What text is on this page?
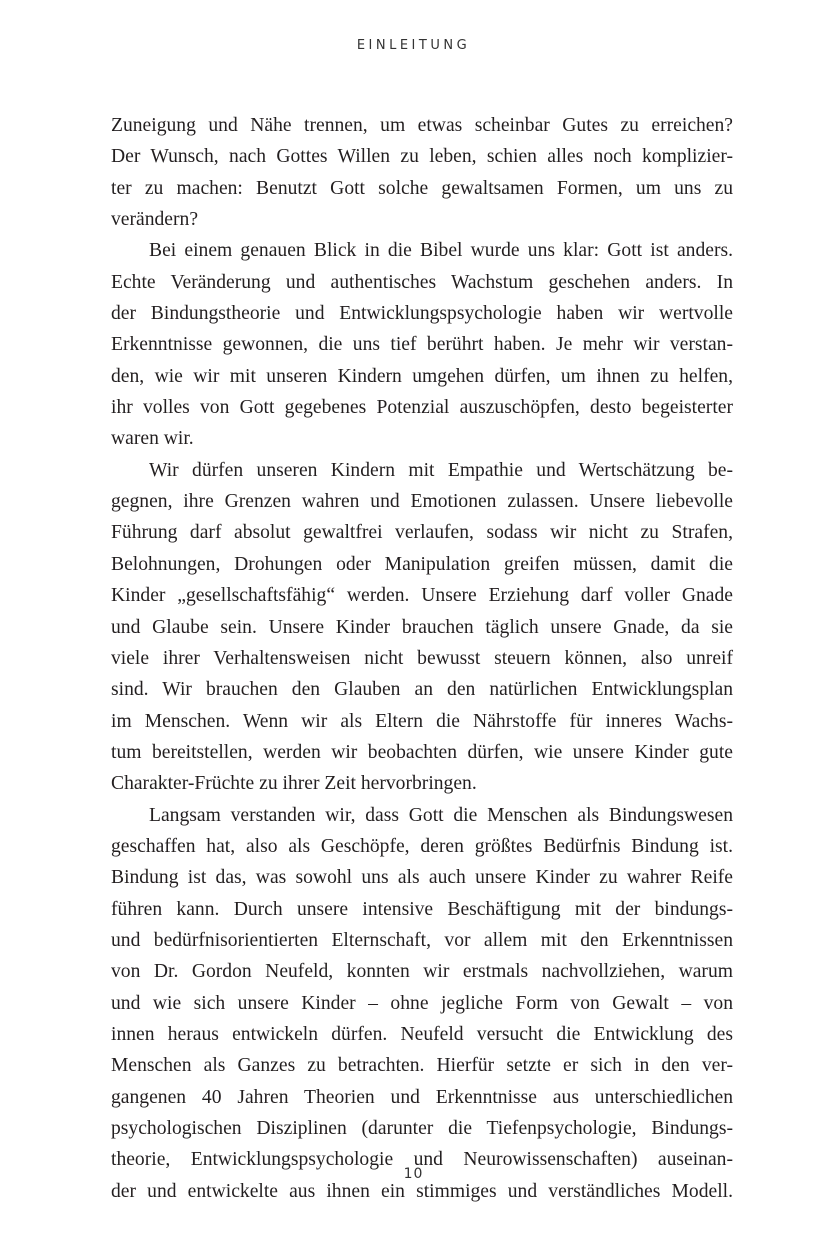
EINLEITUNG

Zuneigung und Nähe trennen, um etwas scheinbar Gutes zu erreichen?
Der Wunsch, nach Gottes Willen zu leben, schien alles noch komplizier-
ter zu machen: Benutzt Gott solche gewaltsamen Formen, um uns zu
verändern?

Bei einem genauen Blick in die Bibel wurde uns klar: Gott ist anders.
Echte Veränderung und authentisches Wachstum geschehen anders. In
der Bindungstheorie und Entwicklungspsychologie haben wir wertvolle
Erkenntnisse gewonnen, die uns tief berührt haben. Je mehr wir verstan-
den, wie wir mit unseren Kindern umgehen dürfen, um ihnen zu helfen,
ihr volles von Gott gegebenes Potenzial auszuschöpfen, desto begeisterter
waren wir.

Wir dürfen unseren Kindern mit Empathie und Wertschätzung be-
gegnen, ihre Grenzen wahren und Emotionen zulassen. Unsere liebevolle
Führung darf absolut gewaltfrei verlaufen, sodass wir nicht zu Strafen,
Belohnungen, Drohungen oder Manipulation greifen müssen, damit die
Kinder „gesellschaftsfähig“ werden. Unsere Erziehung darf voller Gnade
und Glaube sein. Unsere Kinder brauchen täglich unsere Gnade, da sie
viele ihrer Verhaltensweisen nicht bewusst steuern können, also unreif
sind. Wir brauchen den Glauben an den natürlichen Entwicklungsplan
im Menschen. Wenn wir als Eltern die Nährstoffe für inneres Wachs-
tum bereitstellen, werden wir beobachten dürfen, wie unsere Kinder gute
Charakter-Früchte zu ihrer Zeit hervorbringen.

Langsam verstanden wir, dass Gott die Menschen als Bindungswesen
geschaffen hat, also als Geschöpfe, deren größtes Bedürfnis Bindung ist.
Bindung ist das, was sowohl uns als auch unsere Kinder zu wahrer Reife
führen kann. Durch unsere intensive Beschäftigung mit der bindungs-
und bedürfnisorientierten Elternschaft, vor allem mit den Erkenntnissen
von Dr. Gordon Neufeld, konnten wir erstmals nachvollziehen, warum
und wie sich unsere Kinder – ohne jegliche Form von Gewalt – von
innen heraus entwickeln dürfen. Neufeld versucht die Entwicklung des
Menschen als Ganzes zu betrachten. Hierfür setzte er sich in den ver-
gangenen 40 Jahren Theorien und Erkenntnisse aus unterschiedlichen
psychologischen Disziplinen (darunter die Tiefenpsychologie, Bindungs-
theorie, Entwicklungspsychologie und Neurowissenschaften) auseinan-
der und entwickelte aus ihnen ein stimmiges und verständliches Modell.

10
